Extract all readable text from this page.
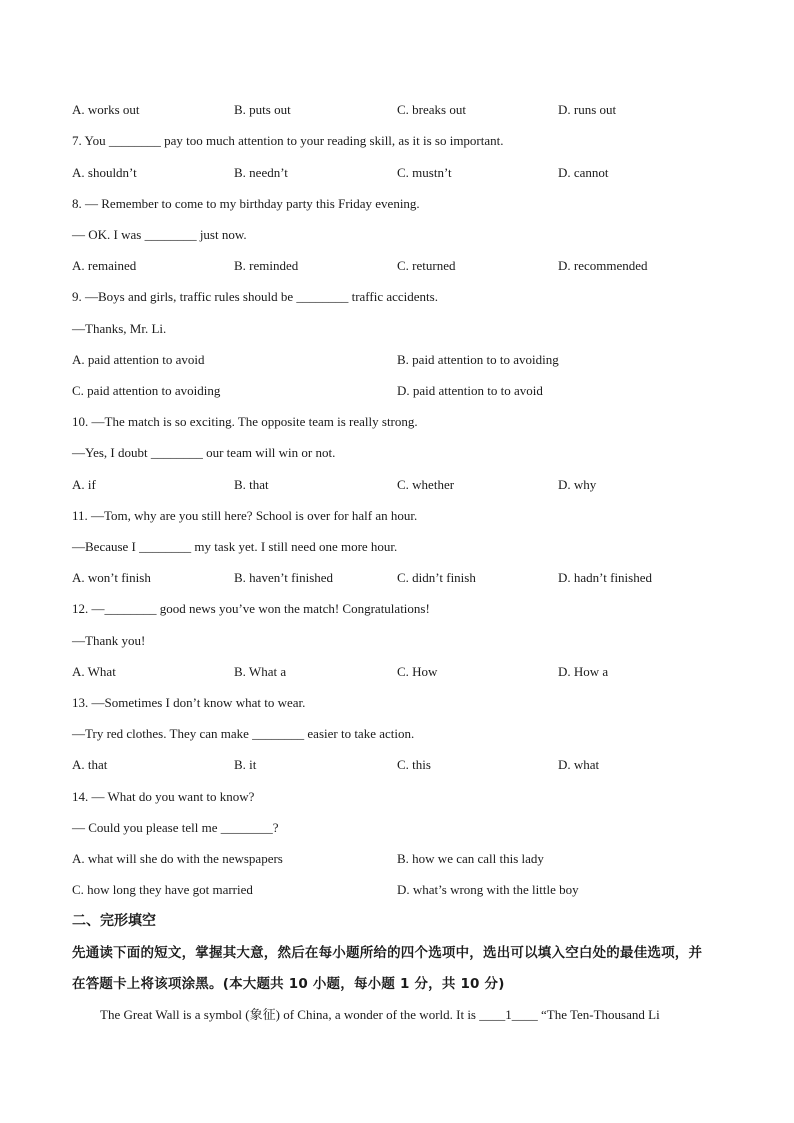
A. works out	B. puts out	C. breaks out	D. runs out
7. You ________ pay too much attention to your reading skill, as it is so important.
A. shouldn’t	B. needn’t	C. mustn’t	D. cannot
8. — Remember to come to my birthday party this Friday evening.
— OK. I was ________ just now.
A. remained	B. reminded	C. returned	D. recommended
9. —Boys and girls, traffic rules should be ________ traffic accidents.
—Thanks, Mr. Li.
A. paid attention to avoid	B. paid attention to to avoiding
C. paid attention to avoiding	D. paid attention to to avoid
10. —The match is so exciting. The opposite team is really strong.
—Yes, I doubt ________ our team will win or not.
A. if	B. that	C. whether	D. why
11. —Tom, why are you still here? School is over for half an hour.
—Because I ________ my task yet. I still need one more hour.
A. won’t finish	B. haven’t finished	C. didn’t finish	D. hadn’t finished
12. —________ good news you’ve won the match! Congratulations!
—Thank you!
A. What	B. What a	C. How	D. How a
13. —Sometimes I don’t know what to wear.
—Try red clothes. They can make ________ easier to take action.
A. that	B. it	C. this	D. what
14. — What do you want to know?
— Could you please tell me ________?
A. what will she do with the newspapers	B. how we can call this lady
C. how long they have got married	D. what’s wrong with the little boy
二、完形填空
先通读下面的短文，掌握其大意，然后在每小题所给的四个选项中，选出可以填入空白处的最佳选项，并
在答题卡上将该项涂黑。(本大题共 10 小题，每小题 1 分，共 10 分)
The Great Wall is a symbol (象征) of China, a wonder of the world. It is ____1____ “The Ten-Thousand Li
